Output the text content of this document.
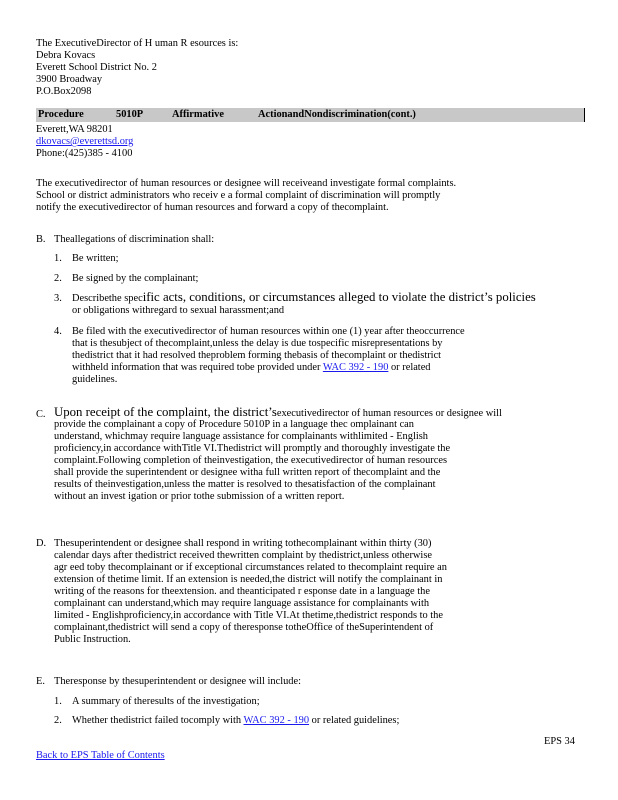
The ExecutiveDirector of H uman R esources is:
Debra Kovacs
Everett School District No. 2
3900 Broadway
P.O.Box2098
Procedure	5010P	Affirmative	ActionandNondiscrimination(cont.)
Everett,WA 98201
dkovacs@everettsd.org
Phone:(425)385 - 4100
The executivedirector of human resources or designee will receiveand investigate formal complaints.
School or district administrators who receiv e a formal complaint of discrimination will promptly
notify the executivedirector of human resources and forward a copy of thecomplaint.
B. Theallegations of discrimination shall:
1. Be written;
2. Be signed by the complainant;
3. Describethe specific acts, conditions, or circumstances alleged to violate the district’s policies
or obligations withregard to sexual harassment;and
4. Be filed with the executivedirector of human resources within one (1) year after theoccurrence
that is thesubject of thecomplaint,unless the delay is due tospecific misrepresentations by
thedistrict that it had resolved theproblem forming thebasis of thecomplaint or thedistrict
withheld information that was required tobe provided under WAC 392 - 190 or related
guidelines.
C. Upon receipt of the complaint, the district’sexecutivedirector of human resources or designee will
provide the complainant a copy of Procedure 5010P in a language thec omplainant can
understand, whichmay require language assistance for complainants withlimited - English
proficiency,in accordance withTitle VI.Thedistrict will promptly and thoroughly investigate the
complaint.Following completion of theinvestigation, the executivedirector of human resources
shall provide the superintendent or designee witha full written report of thecomplaint and the
results of theinvestigation,unless the matter is resolved to thesatisfaction of the complainant
without an invest igation or prior tothe submission of a written report.
D. Thesuperintendent or designee shall respond in writing tothecomplainant within thirty (30)
calendar days after thedistrict received thewritten complaint by thedistrict,unless otherwise
agr eed toby thecomplainant or if exceptional circumstances related to thecomplaint require an
extension of thetime limit. If an extension is needed,the district will notify the complainant in
writing of the reasons for theextension. and theanticipated r esponse date in a language the
complainant can understand,which may require language assistance for complainants with
limited - Englishproficiency,in accordance with Title VI.At thetime,thedistrict responds to the
complainant,thedistrict will send a copy of theresponse totheOffice of theSuperintendent of
Public Instruction.
E. Theresponse by thesuperintendent or designee will include:
1. A summary of theresults of the investigation;
2. Whether thedistrict failed tocomply with WAC 392 - 190 or related guidelines;
EPS 34
Back to EPS Table of Contents
